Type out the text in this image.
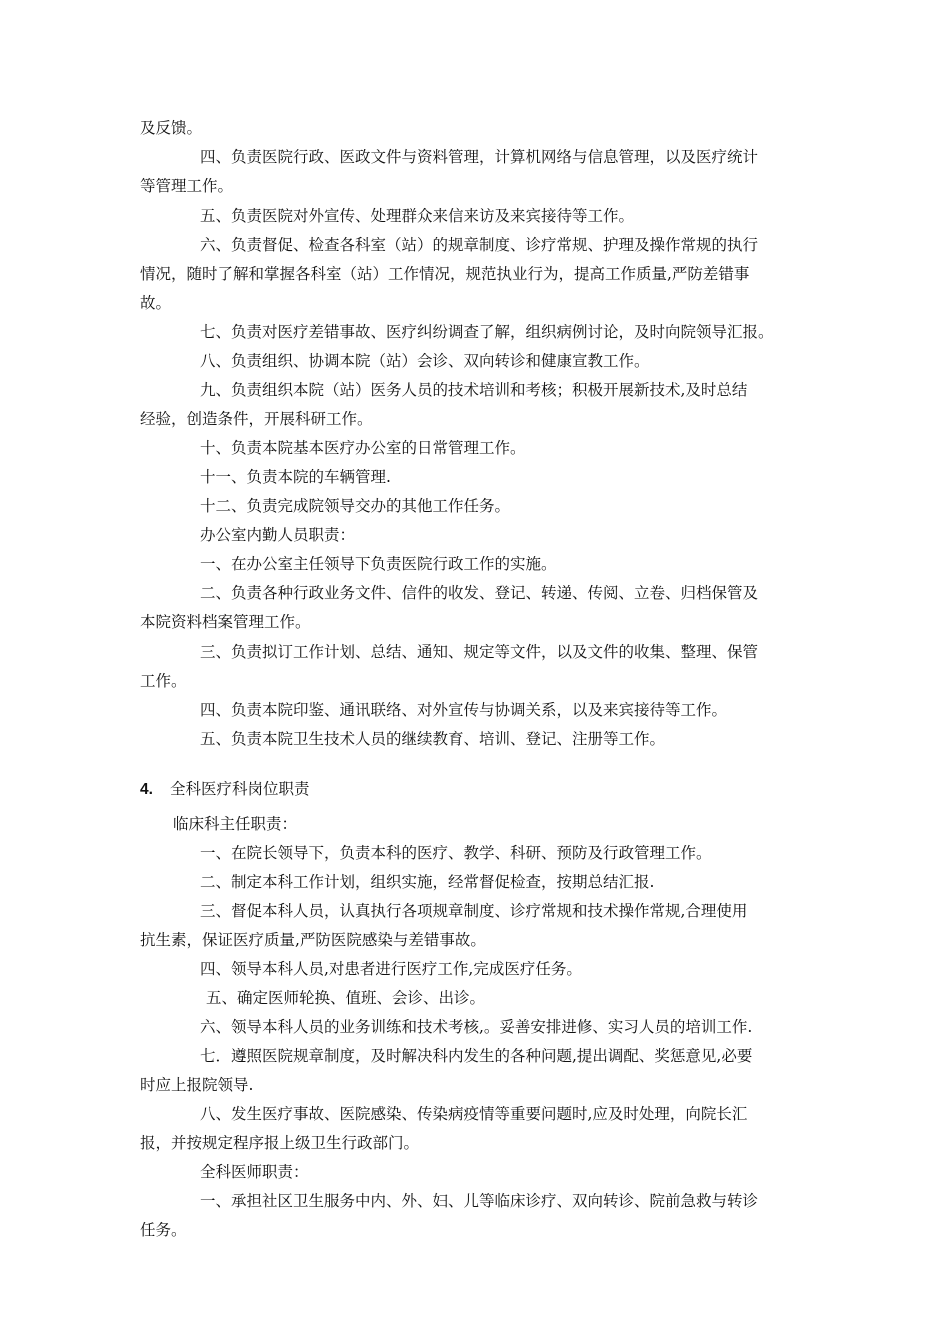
及反馈。
四、负责医院行政、医政文件与资料管理，计算机网络与信息管理，以及医疗统计
等管理工作。
五、负责医院对外宣传、处理群众来信来访及来宾接待等工作。
六、负责督促、检查各科室（站）的规章制度、诊疗常规、护理及操作常规的执行
情况，随时了解和掌握各科室（站）工作情况，规范执业行为，提高工作质量,严防差错事
故。
七、负责对医疗差错事故、医疗纠纷调查了解，组织病例讨论，及时向院领导汇报。
八、负责组织、协调本院（站）会诊、双向转诊和健康宣教工作。
九、负责组织本院（站）医务人员的技术培训和考核；积极开展新技术,及时总结
经验，创造条件，开展科研工作。
十、负责本院基本医疗办公室的日常管理工作。
十一、负责本院的车辆管理.
十二、负责完成院领导交办的其他工作任务。
办公室内勤人员职责：
一、在办公室主任领导下负责医院行政工作的实施。
二、负责各种行政业务文件、信件的收发、登记、转递、传阅、立卷、归档保管及
本院资料档案管理工作。
三、负责拟订工作计划、总结、通知、规定等文件，以及文件的收集、整理、保管
工作。
四、负责本院印鉴、通讯联络、对外宣传与协调关系，以及来宾接待等工作。
五、负责本院卫生技术人员的继续教育、培训、登记、注册等工作。
4. 全科医疗科岗位职责
临床科主任职责：
一、在院长领导下，负责本科的医疗、教学、科研、预防及行政管理工作。
二、制定本科工作计划，组织实施，经常督促检查，按期总结汇报.
三、督促本科人员，认真执行各项规章制度、诊疗常规和技术操作常规,合理使用
抗生素，保证医疗质量,严防医院感染与差错事故。
四、领导本科人员,对患者进行医疗工作,完成医疗任务。
五、确定医师轮换、值班、会诊、出诊。
六、领导本科人员的业务训练和技术考核,。妥善安排进修、实习人员的培训工作.
七．遵照医院规章制度，及时解决科内发生的各种问题,提出调配、奖惩意见,必要
时应上报院领导.
八、发生医疗事故、医院感染、传染病疫情等重要问题时,应及时处理，向院长汇
报，并按规定程序报上级卫生行政部门。
全科医师职责：
一、承担社区卫生服务中内、外、妇、儿等临床诊疗、双向转诊、院前急救与转诊
任务。
